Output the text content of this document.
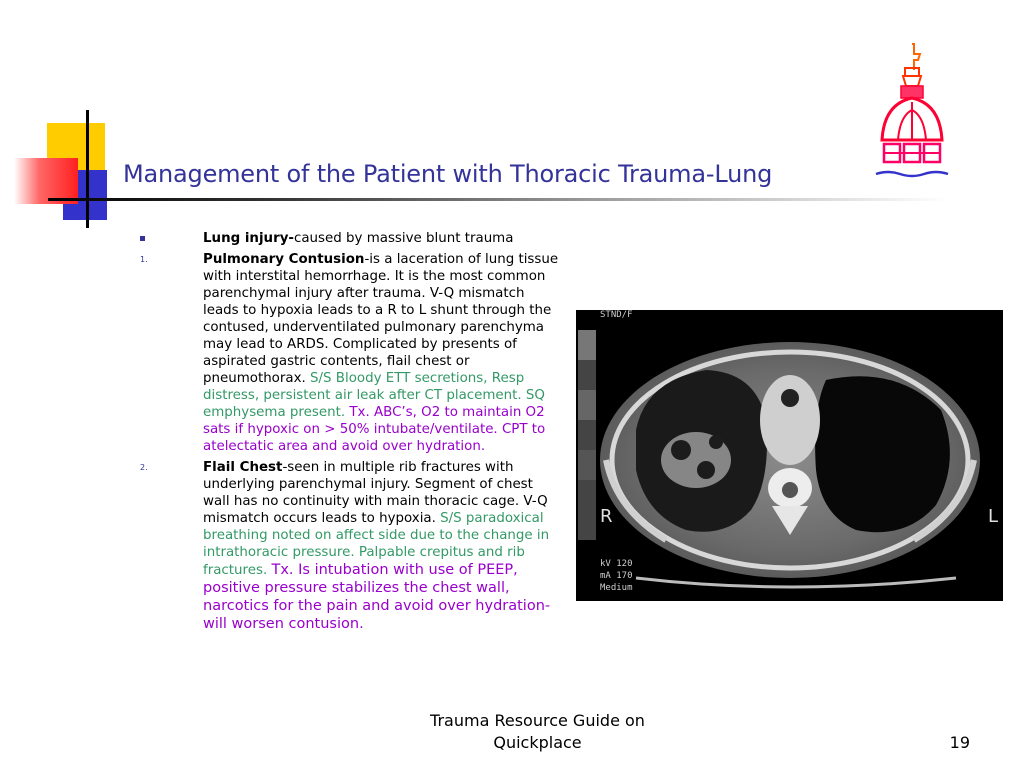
Management of the Patient with Thoracic Trauma-Lung
Lung injury-caused by massive blunt trauma
1.	Pulmonary Contusion-is a laceration of lung tissue with interstital hemorrhage. It is the most common parenchymal injury after trauma. V-Q mismatch leads to hypoxia leads to a R to L shunt through the contused, underventilated pulmonary parenchyma may lead to ARDS. Complicated by presents of aspirated gastric contents, flail chest or pneumothorax. S/S Bloody ETT secretions, Resp distress, persistent air leak after CT placement. SQ emphysema present. Tx. ABC’s, O2 to maintain O2 sats if hypoxic on > 50% intubate/ventilate. CPT to atelectatic area and avoid over hydration.
2.	Flail Chest-seen in multiple rib fractures with underlying parenchymal injury. Segment of chest wall has no continuity with main thoracic cage. V-Q mismatch occurs leads to hypoxia. S/S paradoxical breathing noted on affect side due to the change in intrathoracic pressure. Palpable crepitus and rib fractures. Tx. Is intubation with use of PEEP, positive pressure stabilizes the chest wall, narcotics for the pain and avoid over hydration-will worsen contusion.
STND/F
R	L
kV 120
mA 170
Medium
Trauma Resource Guide on
Quickplace	19
